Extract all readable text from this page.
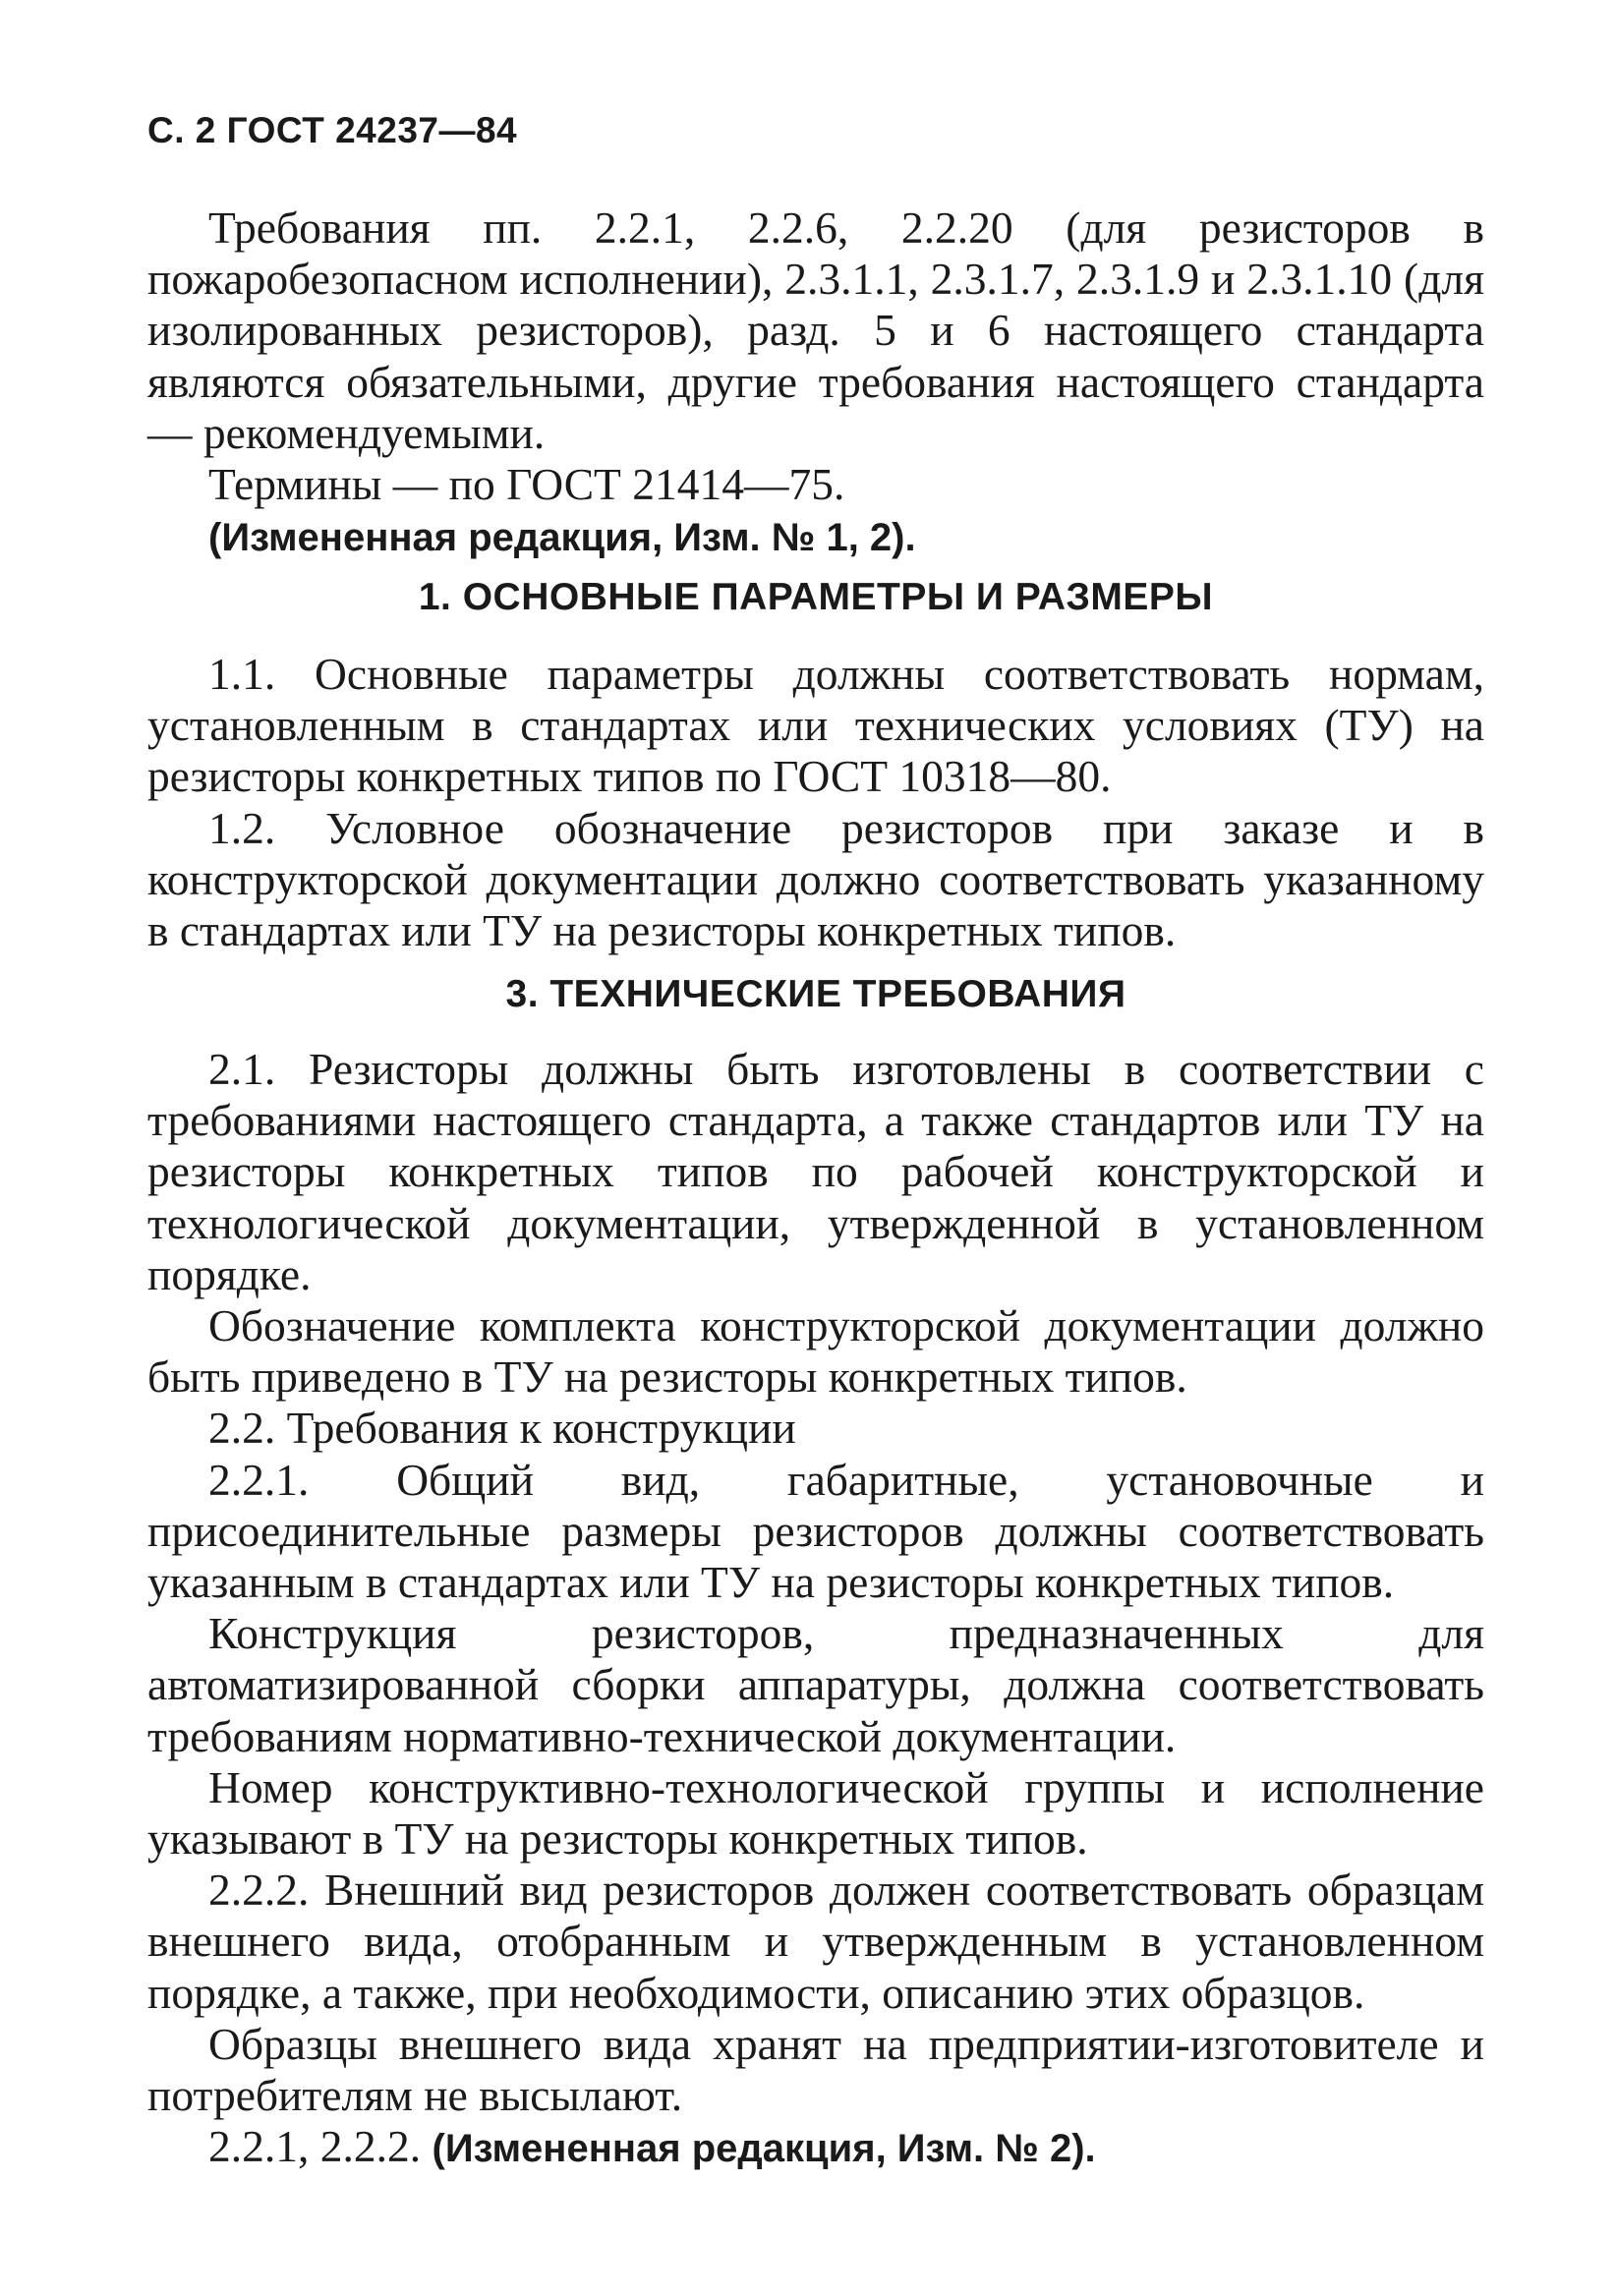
С. 2 ГОСТ 24237—84

Требования пп. 2.2.1, 2.2.6, 2.2.20 (для резисторов в пожаробезопасном исполнении), 2.3.1.1, 2.3.1.7, 2.3.1.9 и 2.3.1.10 (для изолированных резисторов), разд. 5 и 6 настоящего стандарта являются обязательными, другие требования настоящего стандарта — рекомендуемыми.

Термины — по ГОСТ 21414—75.

(Измененная редакция, Изм. № 1, 2).

1. ОСНОВНЫЕ ПАРАМЕТРЫ И РАЗМЕРЫ

1.1. Основные параметры должны соответствовать нормам, установленным в стандартах или технических условиях (ТУ) на резисторы конкретных типов по ГОСТ 10318—80.

1.2. Условное обозначение резисторов при заказе и в конструкторской документации должно соответствовать указанному в стандартах или ТУ на резисторы конкретных типов.

3. ТЕХНИЧЕСКИЕ ТРЕБОВАНИЯ

2.1. Резисторы должны быть изготовлены в соответствии с требованиями настоящего стандарта, а также стандартов или ТУ на резисторы конкретных типов по рабочей конструкторской и технологической документации, утвержденной в установленном порядке.

Обозначение комплекта конструкторской документации должно быть приведено в ТУ на резисторы конкретных типов.

2.2. Требования к конструкции

2.2.1. Общий вид, габаритные, установочные и присоединительные размеры резисторов должны соответствовать указанным в стандартах или ТУ на резисторы конкретных типов.

Конструкция резисторов, предназначенных для автоматизированной сборки аппаратуры, должна соответствовать требованиям нормативно-технической документации.

Номер конструктивно-технологической группы и исполнение указывают в ТУ на резисторы конкретных типов.

2.2.2. Внешний вид резисторов должен соответствовать образцам внешнего вида, отобранным и утвержденным в установленном порядке, а также, при необходимости, описанию этих образцов.

Образцы внешнего вида хранят на предприятии-изготовителе и потребителям не высылают.

2.2.1, 2.2.2. (Измененная редакция, Изм. № 2).
